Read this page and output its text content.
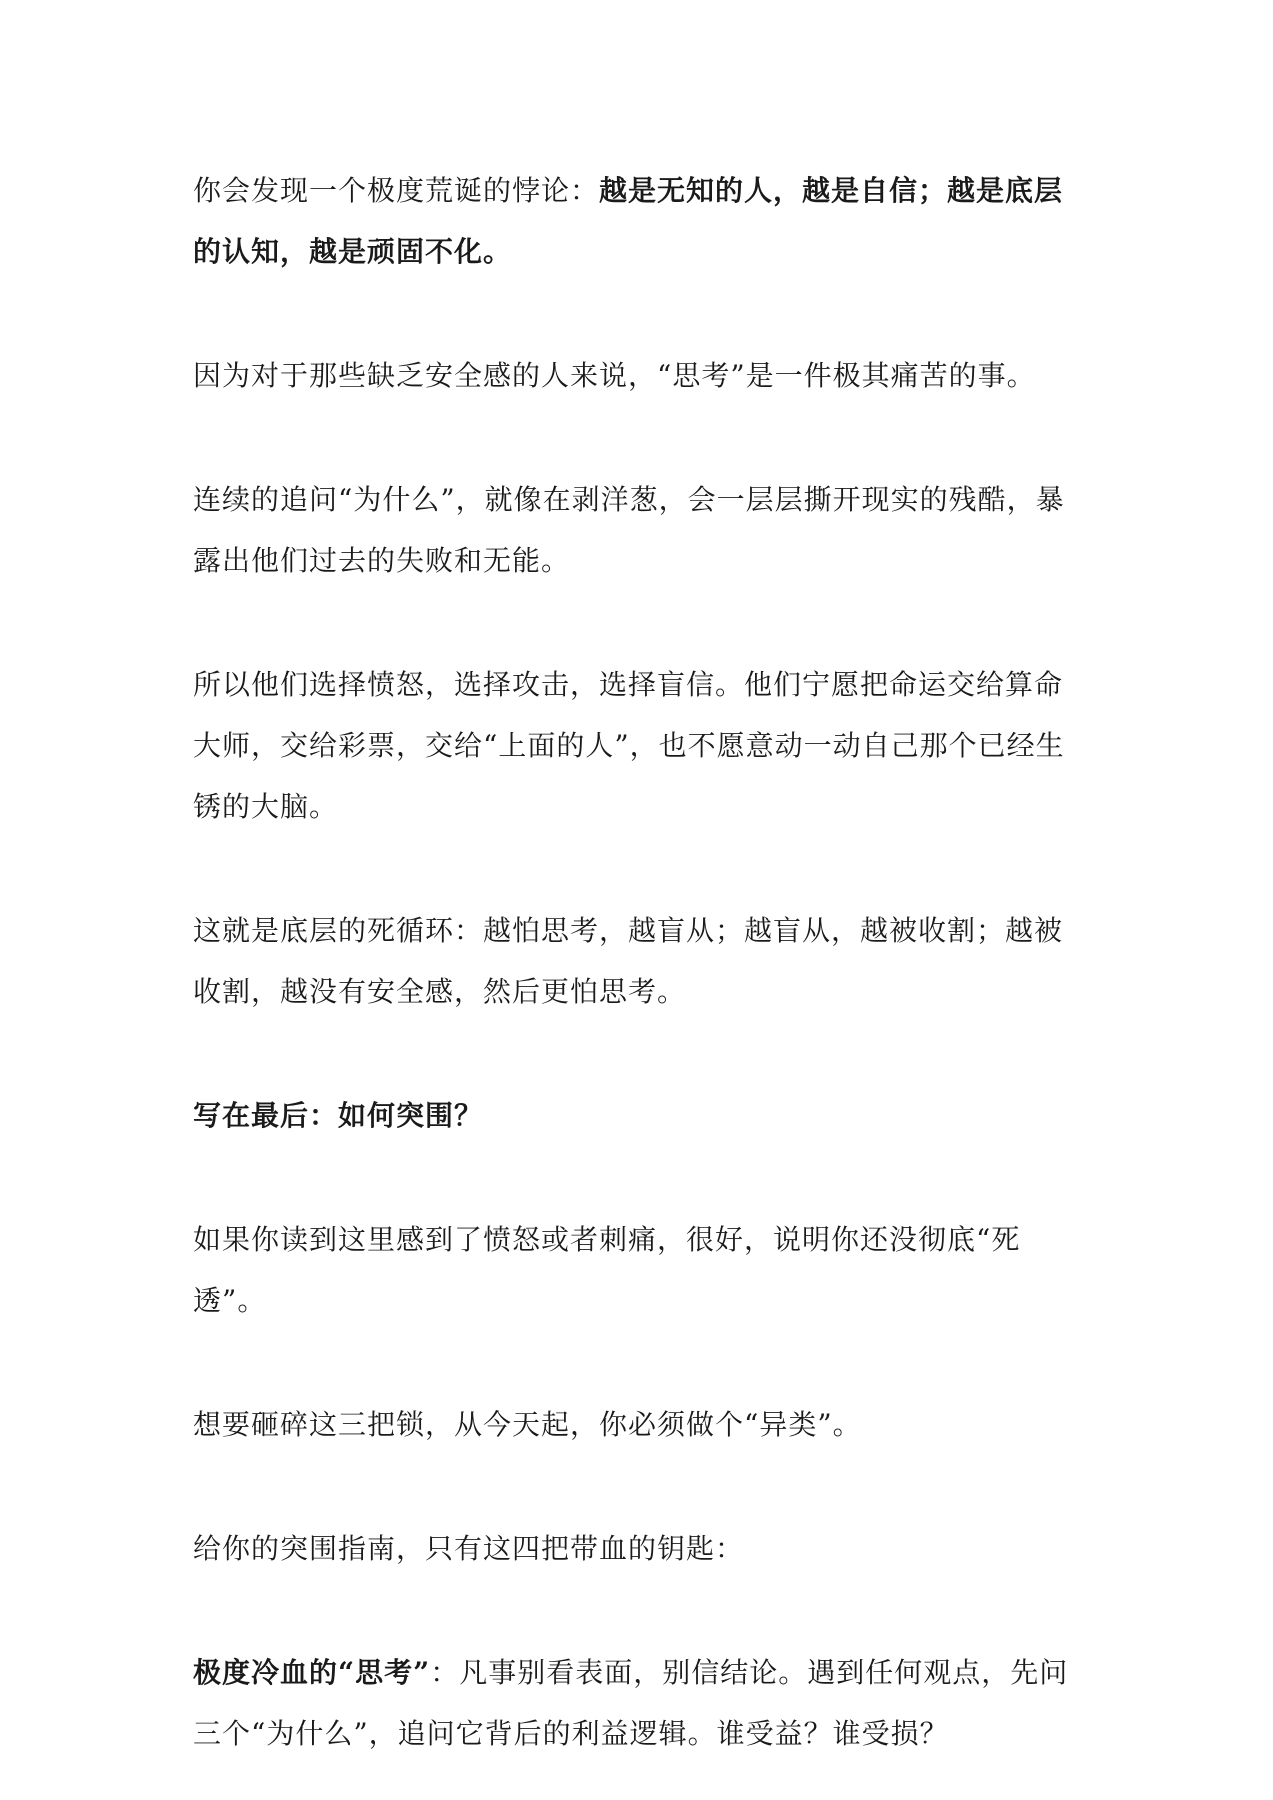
你会发现一个极度荒诞的悖论：越是无知的人，越是自信；越是底层的认知，越是顽固不化。

因为对于那些缺乏安全感的人来说，“思考”是一件极其痛苦的事。

连续的追问“为什么”，就像在剥洋葱，会一层层撕开现实的残酷，暴露出他们过去的失败和无能。

所以他们选择愤怒，选择攻击，选择盲信。他们宁愿把命运交给算命大师，交给彩票，交给“上面的人”，也不愿意动一动自己那个已经生锈的大脑。

这就是底层的死循环：越怕思考，越盲从；越盲从，越被收割；越被收割，越没有安全感，然后更怕思考。

写在最后：如何突围？

如果你读到这里感到了愤怒或者刺痛，很好，说明你还没彻底“死透”。

想要砸碎这三把锁，从今天起，你必须做个“异类”。

给你的突围指南，只有这四把带血的钥匙：

极度冷血的“思考”：凡事别看表面，别信结论。遇到任何观点，先问三个“为什么”，追问它背后的利益逻辑。谁受益？谁受损？
